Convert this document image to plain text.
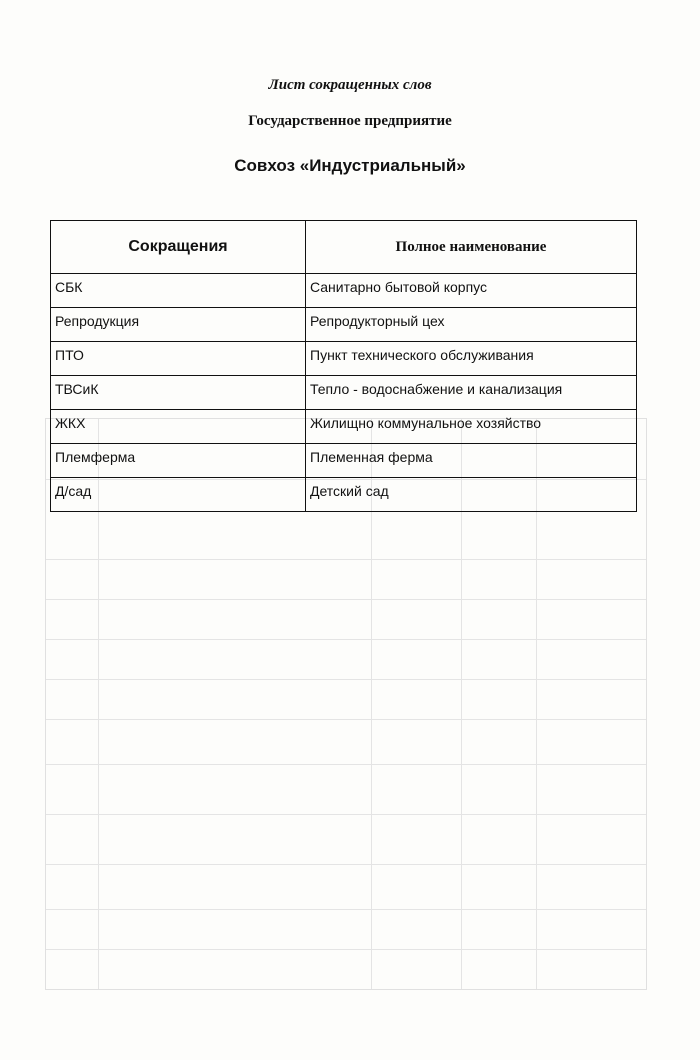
Лист сокращенных слов
Государственное предприятие
Совхоз «Индустриальный»
Сокращения	Полное наименование
СБК	Санитарно бытовой корпус
Репродукция	Репродукторный цех
ПТО	Пункт технического обслуживания
ТВСиК	Тепло - водоснабжение и канализация
ЖКХ	Жилищно коммунальное хозяйство
Племферма	Племенная ферма
Д/сад	Детский сад
